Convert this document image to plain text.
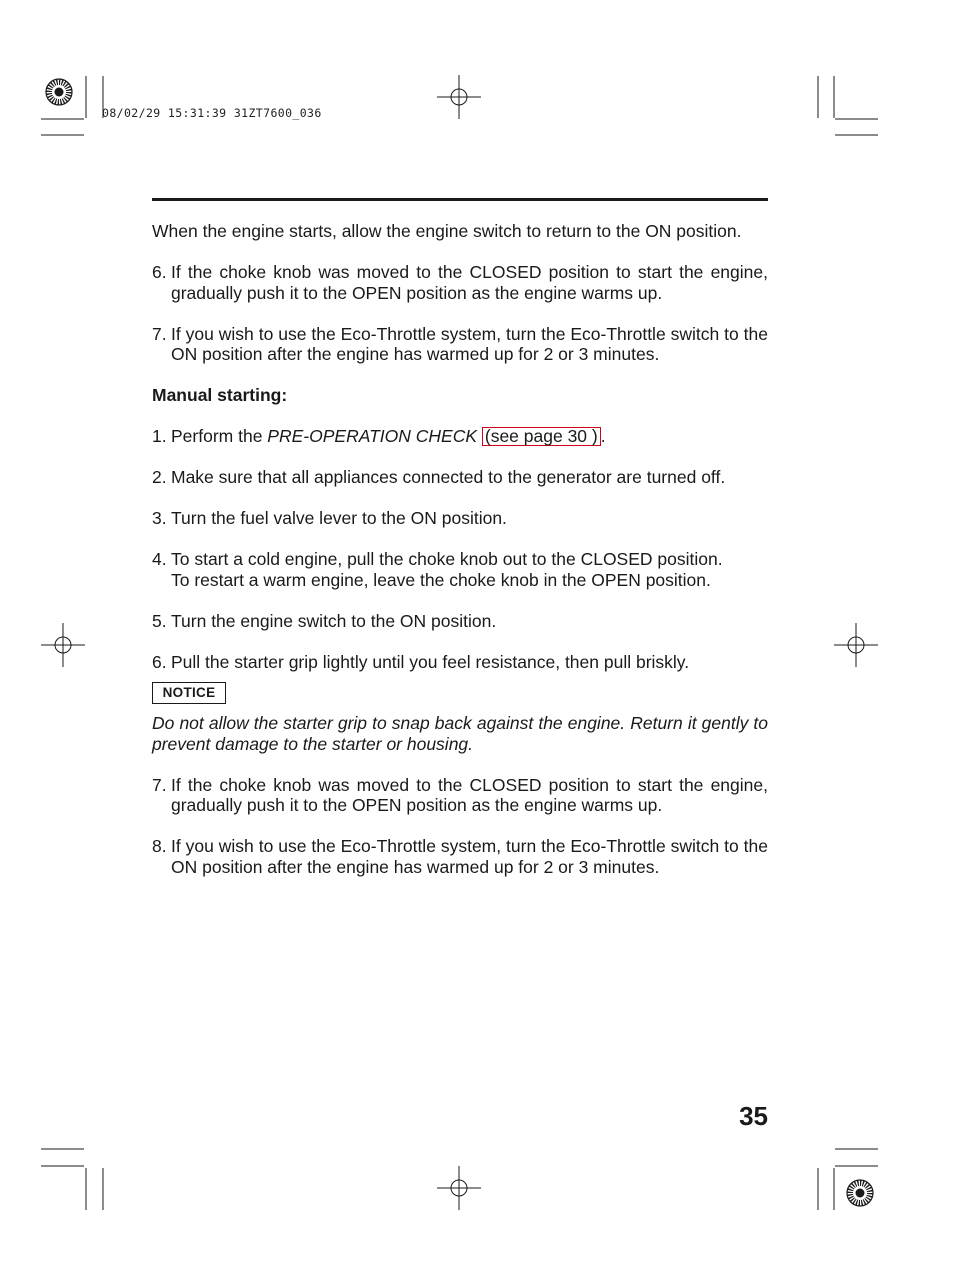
08/02/29 15:31:39 31ZT7600_036

When the engine starts, allow the engine switch to return to the ON position.

6. If the choke knob was moved to the CLOSED position to start the engine, gradually push it to the OPEN position as the engine warms up.
7. If you wish to use the Eco-Throttle system, turn the Eco-Throttle switch to the ON position after the engine has warmed up for 2 or 3 minutes.
Manual starting:
1. Perform the PRE-OPERATION CHECK (see page 30 ) .
2. Make sure that all appliances connected to the generator are turned off.
3. Turn the fuel valve lever to the ON position.
4. To start a cold engine, pull the choke knob out to the CLOSED position.
To restart a warm engine, leave the choke knob in the OPEN position.
5. Turn the engine switch to the ON position.
6. Pull the starter grip lightly until you feel resistance, then pull briskly.
NOTICE
Do not allow the starter grip to snap back against the engine. Return it gently to prevent damage to the starter or housing.
7. If the choke knob was moved to the CLOSED position to start the engine, gradually push it to the OPEN position as the engine warms up.
8. If you wish to use the Eco-Throttle system, turn the Eco-Throttle switch to the ON position after the engine has warmed up for 2 or 3 minutes.
35
